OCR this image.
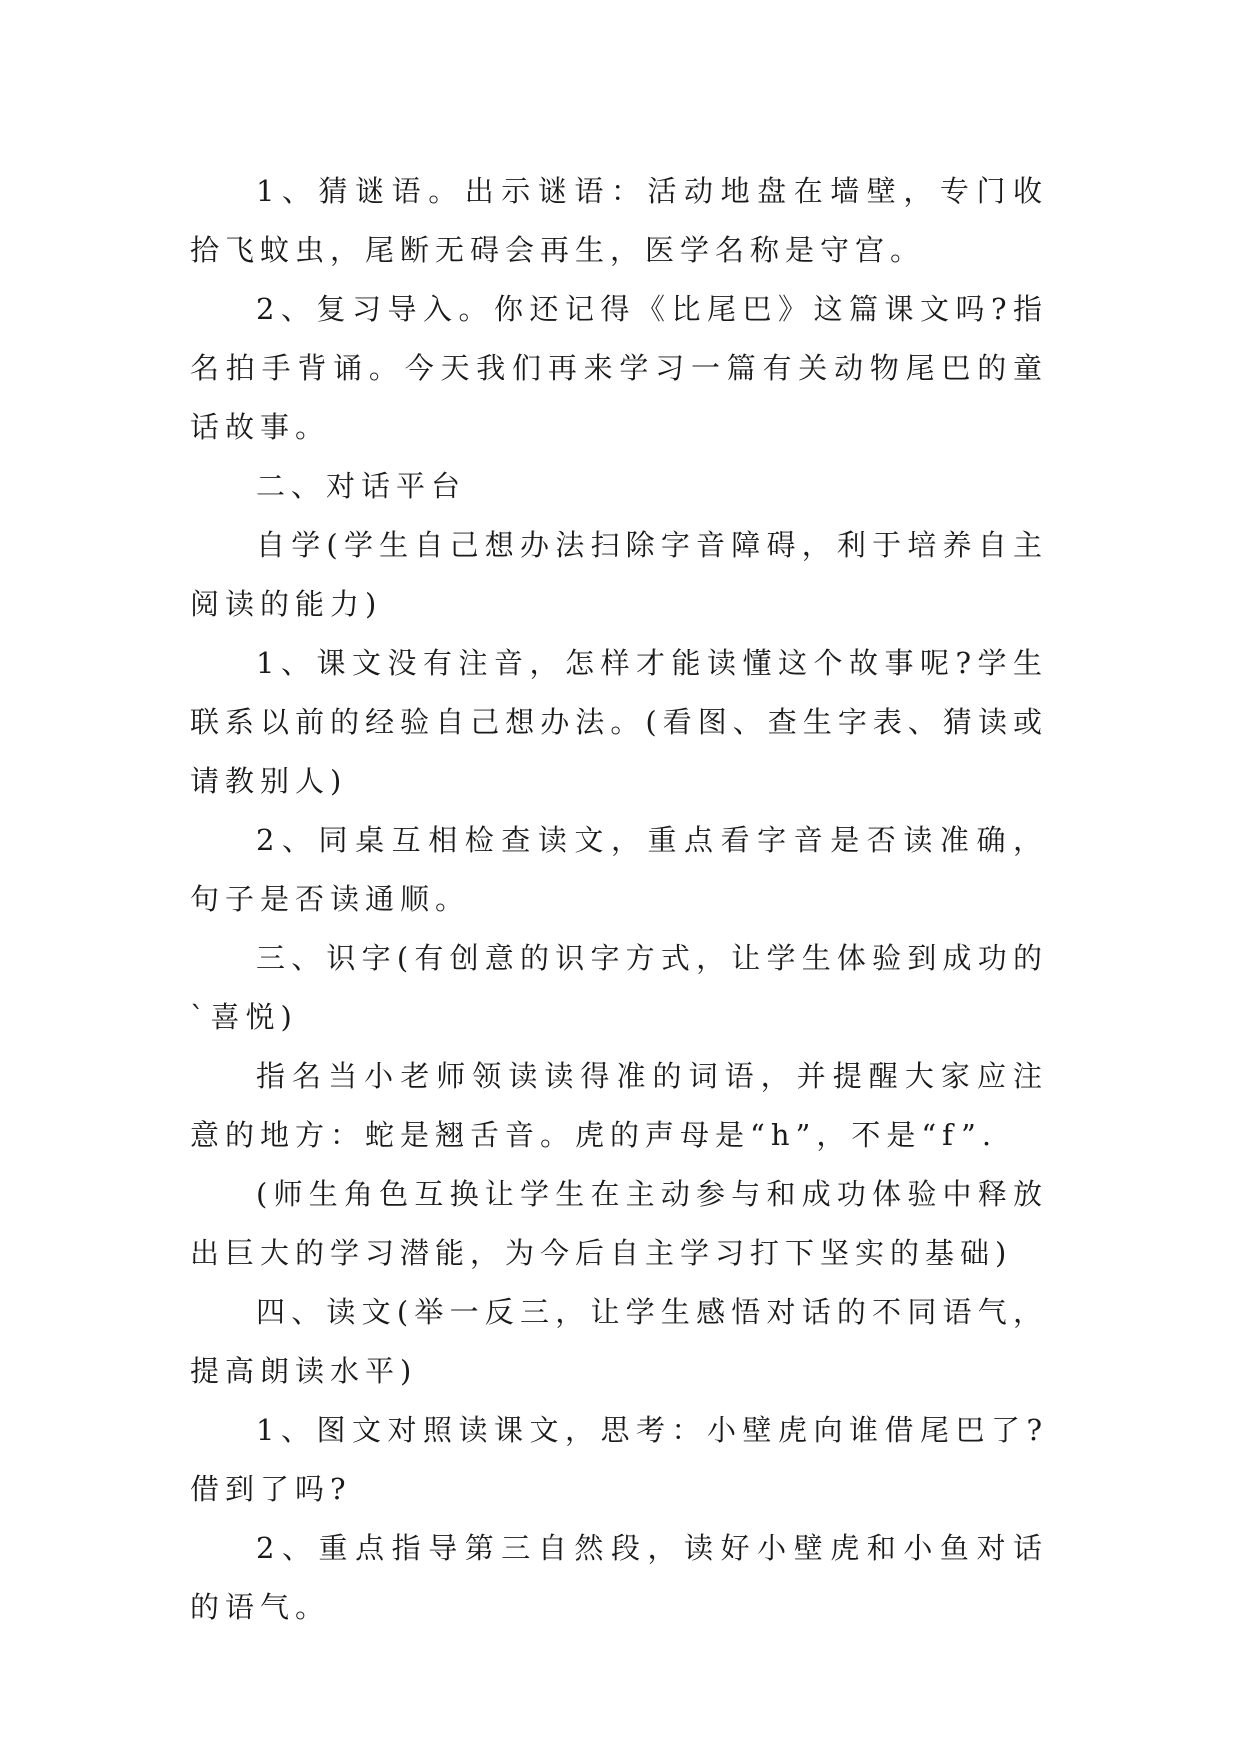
1、猜谜语。出示谜语：活动地盘在墙壁，专门收拾飞蚊虫，尾断无碍会再生，医学名称是守宫。

2、复习导入。你还记得《比尾巴》这篇课文吗?指名拍手背诵。今天我们再来学习一篇有关动物尾巴的童话故事。

二、对话平台

自学(学生自己想办法扫除字音障碍，利于培养自主阅读的能力)

1、课文没有注音，怎样才能读懂这个故事呢?学生联系以前的经验自己想办法。(看图、查生字表、猜读或请教别人)

2、同桌互相检查读文，重点看字音是否读准确，句子是否读通顺。

三、识字(有创意的识字方式，让学生体验到成功的`喜悦)

指名当小老师领读读得准的词语，并提醒大家应注意的地方：蛇是翘舌音。虎的声母是“h”，不是“f”.

(师生角色互换让学生在主动参与和成功体验中释放出巨大的学习潜能，为今后自主学习打下坚实的基础)

四、读文(举一反三，让学生感悟对话的不同语气，提高朗读水平)

1、图文对照读课文，思考：小壁虎向谁借尾巴了?借到了吗?

2、重点指导第三自然段，读好小壁虎和小鱼对话的语气。
